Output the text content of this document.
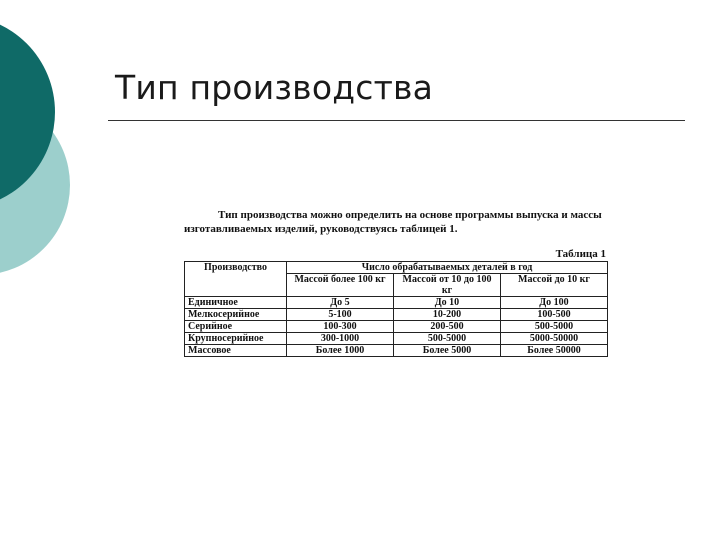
Тип производства

Тип производства можно определить на основе программы выпуска и массы изготавливаемых изделий, руководствуясь таблицей 1.

Таблица 1
Производство	Число обрабатываемых деталей в год		
	Массой более 100 кг	Массой от 10 до 100 кг	Массой до 10 кг
Единичное	До 5	До 10	До 100
Мелкосерийное	5-100	10-200	100-500
Серийное	100-300	200-500	500-5000
Крупносерийное	300-1000	500-5000	5000-50000
Массовое	Более 1000	Более 5000	Более 50000
